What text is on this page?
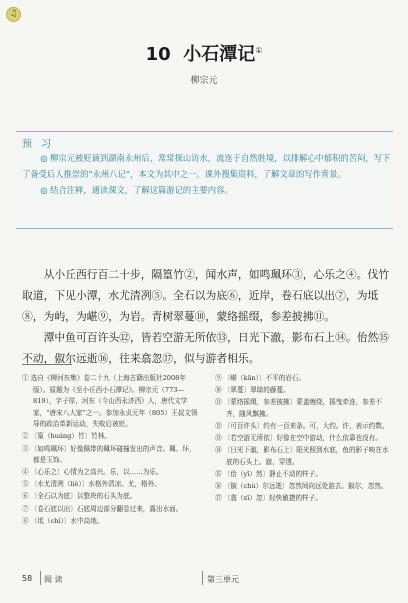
♫
10 小石潭记①
柳宗元
预 习

◎ 柳宗元被贬谪到湖南永州后，常常探山访水，流连于自然胜境，以排解心中郁积的苦闷，写下了备受后人推崇的“永州八记”，本文为其中之一。课外搜集资料，了解文章的写作背景。

◎ 结合注释，通读课文，了解这篇游记的主要内容。

从小丘西行百二十步，隔篁竹②，闻水声，如鸣珮环③，心乐之④。伐竹取道，下见小潭，水尤清冽⑤。全石以为底⑥，近岸，卷石底以出⑦，为坻⑧，为屿，为嵁⑨，为岩。青树翠蔓⑩，蒙络摇缀，参差披拂⑪。

潭中鱼可百许头⑫，皆若空游无所依⑬，日光下澈，影布石上⑭。佁然⑮不动，俶尔远逝⑯，往来翕忽⑰，似与游者相乐。

① 选自《柳河东集》卷二十九（上海古籍出版社2008年版）。原题为《至小丘西小石潭记》。柳宗元（773—819），字子厚，河东（今山西永济西）人，唐代文学家，“唐宋八大家”之一。参加永贞元年（805）王叔文领导的政治革新运动，失败后被贬。

② 〔篁（huáng）竹〕竹林。

③ 〔如鸣珮环〕好像佩带的珮环碰撞发出的声音。珮、环，都是玉饰。

④ 〔心乐之〕心情为之高兴。乐，以……为乐。

⑤ 〔水尤清冽（liè）〕水格外清凉。尤，格外。

⑥ 〔全石以为底〕以整块的石头为底。

⑦ 〔卷石底以出〕石底周边部分翻卷过来，露出水面。

⑧ 〔坻（chí）〕水中高地。

⑨ 〔嵁（kān）〕不平的岩石。

⑩ 〔翠蔓〕翠绿的藤蔓。

⑪ 〔蒙络摇缀，参差披拂〕蒙盖缠绕，摇曳牵连，参差不齐，随风飘拂。

⑫ 〔可百许头〕约有一百来条。可，大约。许，表示约数。

⑬ 〔若空游无所依〕好像在空中游动，什么依靠也没有。

⑭ 〔日光下澈，影布石上〕阳光照到水底，鱼的影子映在水底的石头上。澈，穿透。

⑮ 〔佁（yǐ）然〕静止不动的样子。

⑯ 〔俶（chù）尔远逝〕忽然间向远处游去。俶尔，忽然。

⑰ 〔翕（xī）忽〕轻快敏捷的样子。

58 阅 读	第三单元
